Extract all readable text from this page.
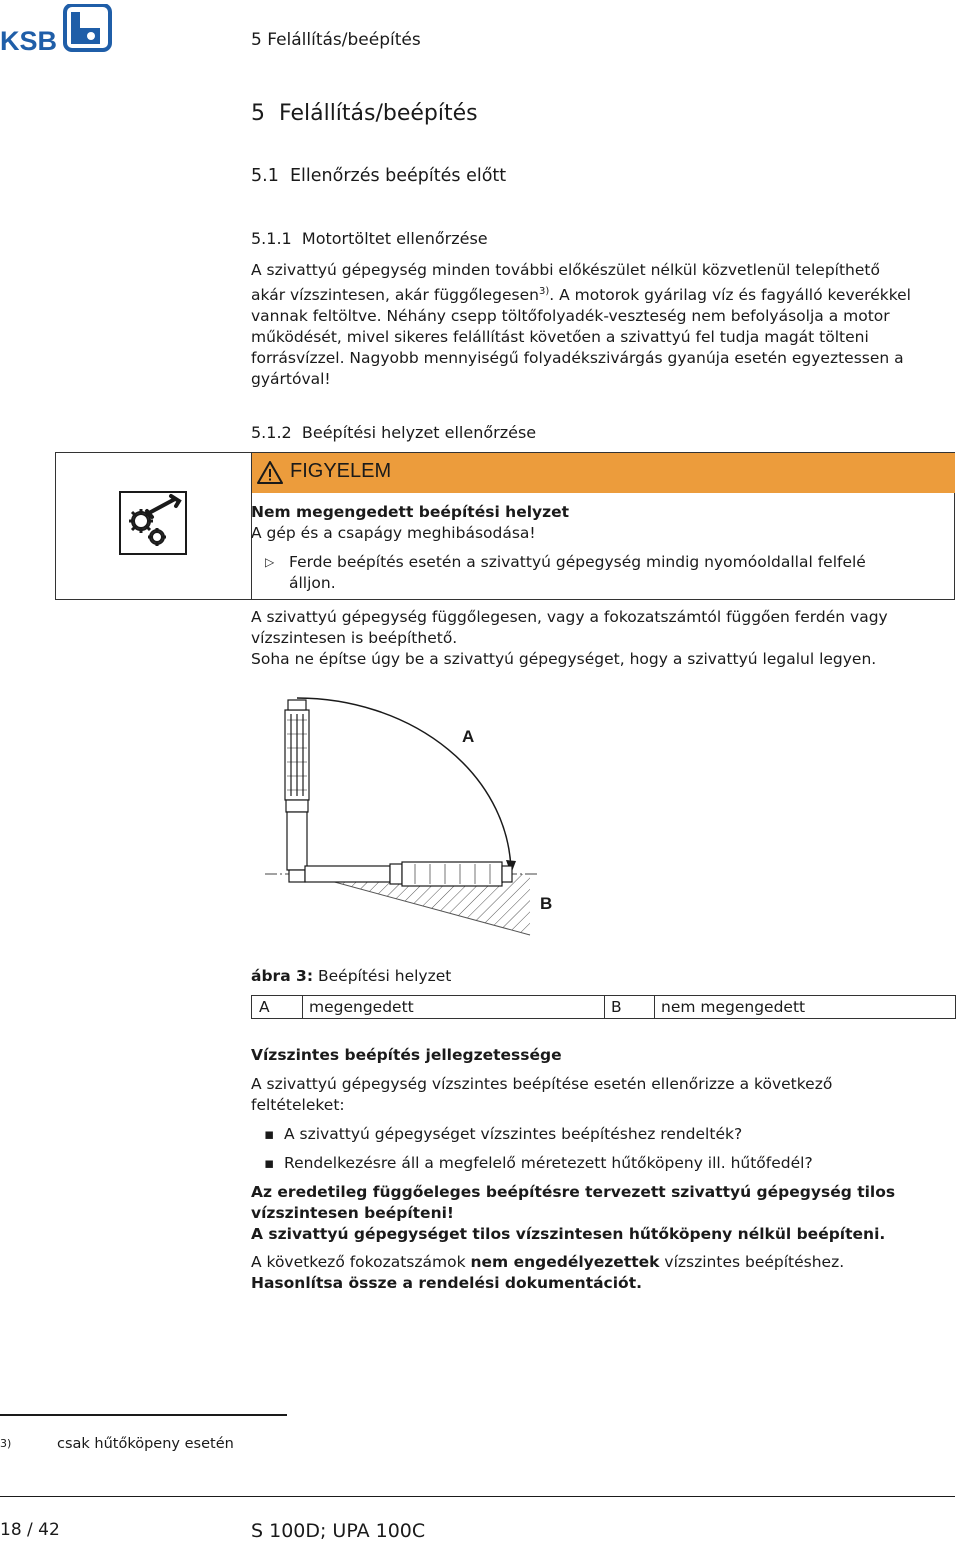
KSB	5 Felállítás/beépítés
5 Felállítás/beépítés
5.1 Ellenőrzés beépítés előtt
5.1.1 Motortöltet ellenőrzése
A szivattyú gépegység minden további előkészület nélkül közvetlenül telepíthető
akár vízszintesen, akár függőlegesen$^{3)}$. A motorok gyárilag víz és fagyálló keverékkel
vannak feltöltve. Néhány csepp töltőfolyadék-veszteség nem befolyásolja a motor
működését, mivel sikeres felállítást követően a szivattyú fel tudja magát tölteni
forrásvízzel. Nagyobb mennyiségű folyadékszivárgás gyanúja esetén egyeztessen a
gyártóval!
5.1.2 Beépítési helyzet ellenőrzése
FIGYELEM
Nem megengedett beépítési helyzet
A gép és a csapágy meghibásodása!
▷ Ferde beépítés esetén a szivattyú gépegység mindig nyomóoldallal felfelé
álljon.
A szivattyú gépegység függőlegesen, vagy a fokozatszámtól függően ferdén vagy
vízszintesen is beépíthető.
Soha ne építse úgy be a szivattyú gépegységet, hogy a szivattyú legalul legyen.
A
B
ábra 3: Beépítési helyzet
A	megengedett	B	nem megengedett
Vízszintes beépítés jellegzetessége
A szivattyú gépegység vízszintes beépítése esetén ellenőrizze a következő
feltételeket:
▪ A szivattyú gépegységet vízszintes beépítéshez rendelték?
▪ Rendelkezésre áll a megfelelő méretezett hűtőköpeny ill. hűtőfedél?
Az eredetileg függőeleges beépítésre tervezett szivattyú gépegység tilos
vízszintesen beépíteni!
A szivattyú gépegységet tilos vízszintesen hűtőköpeny nélkül beépíteni.
A következő fokozatszámok nem engedélyezettek vízszintes beépítéshez.
Hasonlítsa össze a rendelési dokumentációt.
3)	csak hűtőköpeny esetén
18 / 42	S 100D; UPA 100C
